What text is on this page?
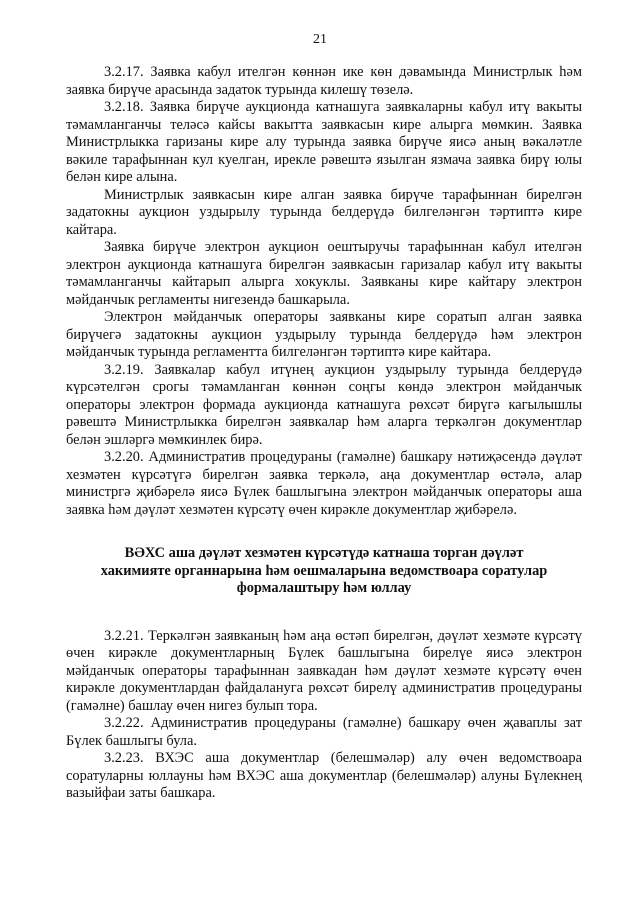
21

3.2.17. Заявка кабул ителгән көннән ике көн дәвамында Министрлык һәм заявка бирүче арасында задаток турында килешү төзелә.

3.2.18. Заявка бирүче аукционда катнашуга заявкаларны кабул итү вакыты тәмамланганчы теләсә кайсы вакытта заявкасын кире алырга мөмкин. Заявка Министрлыкка гаризаны кире алу турында заявка бирүче яисә аның вәкаләтле вәкиле тарафыннан кул куелган, ирекле рәвештә язылган язмача заявка бирү юлы белән кире алына.

Министрлык заявкасын кире алган заявка бирүче тарафыннан бирелгән задатокны аукцион уздырылу турында белдерүдә билгеләнгән тәртиптә кире кайтара.

Заявка бирүче электрон аукцион оештыручы тарафыннан кабул ителгән электрон аукционда катнашуга бирелгән заявкасын гаризалар кабул итү вакыты тәмамланганчы кайтарып алырга хокуклы. Заявканы кире кайтару электрон мәйданчык регламенты нигезендә башкарыла.

Электрон мәйданчык операторы заявканы кире соратып алган заявка бирүчегә задатокны аукцион уздырылу турында белдерүдә һәм электрон мәйданчык турында регламентта билгеләнгән тәртиптә кире кайтара.

3.2.19. Заявкалар кабул итүнең аукцион уздырылу турында белдерүдә күрсәтелгән срогы тәмамланган көннән соңгы көндә электрон мәйданчык операторы электрон формада аукционда катнашуга рөхсәт бирүгә кагылышлы рәвештә Министрлыкка бирелгән заявкалар һәм аларга теркәлгән документлар белән эшләргә мөмкинлек бирә.

3.2.20. Административ процедураны (гамәлне) башкару нәтиҗәсендә дәүләт хезмәтен күрсәтүгә бирелгән заявка теркәлә, аңа документлар өстәлә, алар министргә җибәрелә яисә Бүлек башлыгына электрон мәйданчык операторы аша заявка һәм дәүләт хезмәтен күрсәтү өчен кирәкле документлар җибәрелә.

ВӘХС аша дәүләт хезмәтен күрсәтүдә катнаша торган дәүләт
хакимияте органнарына һәм оешмаларына ведомствоара соратулар
формалаштыру һәм юллау

3.2.21. Теркәлгән заявканың һәм аңа өстәп бирелгән, дәүләт хезмәте күрсәтү өчен кирәкле документларның Бүлек башлыгына бирелүе яисә электрон мәйданчык операторы тарафыннан заявкадан һәм дәүләт хезмәте күрсәтү өчен кирәкле документлардан файдалануга рөхсәт бирелү административ процедураны (гамәлне) башлау өчен нигез булып тора.

3.2.22. Административ процедураны (гамәлне) башкару өчен җаваплы зат Бүлек башлыгы була.

3.2.23. ВХЭС аша документлар (белешмәләр) алу өчен ведомствоара соратуларны юллауны һәм ВХЭС аша документлар (белешмәләр) алуны Бүлекнең вазыйфаи заты башкара.
